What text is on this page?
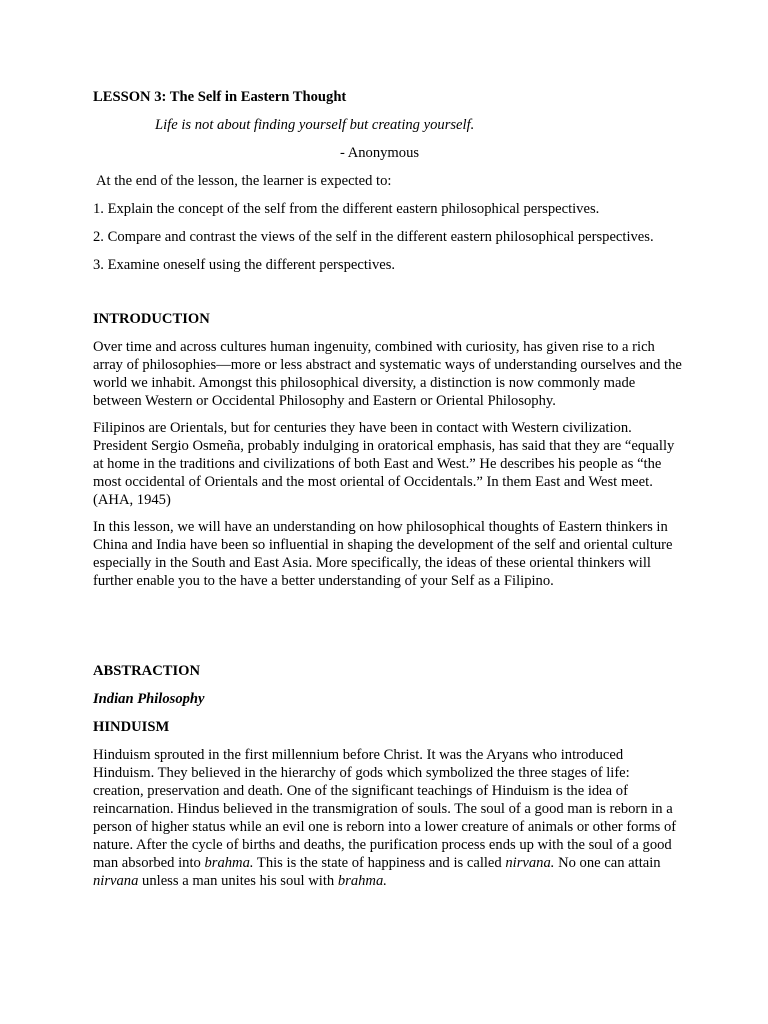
LESSON 3: The Self in Eastern Thought

Life is not about finding yourself but creating yourself.

- Anonymous

At the end of the lesson, the learner is expected to:

1. Explain the concept of the self from the different eastern philosophical perspectives.

2. Compare and contrast the views of the self in the different eastern philosophical perspectives.

3. Examine oneself using the different perspectives.

INTRODUCTION

Over time and across cultures human ingenuity, combined with curiosity, has given rise to a rich array of philosophies—more or less abstract and systematic ways of understanding ourselves and the world we inhabit. Amongst this philosophical diversity, a distinction is now commonly made between Western or Occidental Philosophy and Eastern or Oriental Philosophy.

Filipinos are Orientals, but for centuries they have been in contact with Western civilization. President Sergio Osmeña, probably indulging in oratorical emphasis, has said that they are “equally at home in the traditions and civilizations of both East and West.” He describes his people as “the most occidental of Orientals and the most oriental of Occidentals.” In them East and West meet. (AHA, 1945)

In this lesson, we will have an understanding on how philosophical thoughts of Eastern thinkers in China and India have been so influential in shaping the development of the self and oriental culture especially in the South and East Asia. More specifically, the ideas of these oriental thinkers will further enable you to the have a better understanding of your Self as a Filipino.

ABSTRACTION

Indian Philosophy

HINDUISM

Hinduism sprouted in the first millennium before Christ. It was the Aryans who introduced Hinduism. They believed in the hierarchy of gods which symbolized the three stages of life: creation, preservation and death. One of the significant teachings of Hinduism is the idea of reincarnation. Hindus believed in the transmigration of souls. The soul of a good man is reborn in a person of higher status while an evil one is reborn into a lower creature of animals or other forms of nature. After the cycle of births and deaths, the purification process ends up with the soul of a good man absorbed into brahma. This is the state of happiness and is called nirvana. No one can attain nirvana unless a man unites his soul with brahma.
